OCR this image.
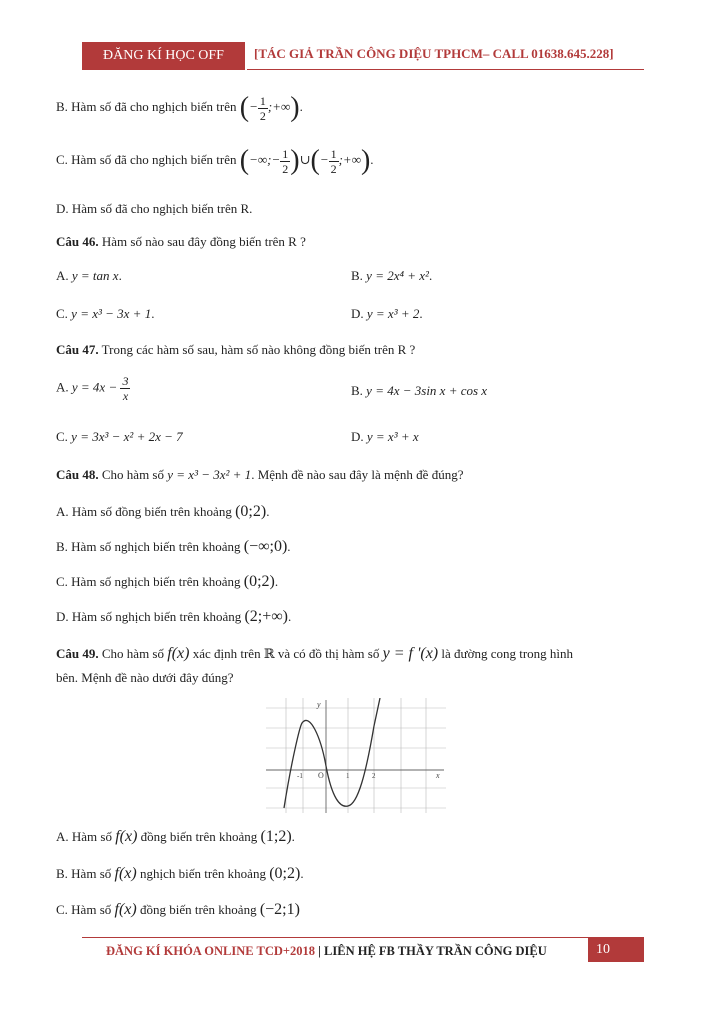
ĐĂNG KÍ HỌC OFF	[TÁC GIẢ TRẦN CÔNG DIỆU TPHCM– CALL 01638.645.228]
B. Hàm số đã cho nghịch biến trên (− $\frac{1}{2}$ ;+∞).
C. Hàm số đã cho nghịch biến trên (−∞;− $\frac{1}{2}$ )∪(− $\frac{1}{2}$ ;+∞).
D. Hàm số đã cho nghịch biến trên R.
Câu 46. Hàm số nào sau đây đồng biến trên R ?
A. y = tan x.	B. y = 2x⁴ + x².
C. y = x³ − 3x + 1.	D. y = x³ + 2.
Câu 47. Trong các hàm số sau, hàm số nào không đồng biến trên R ?
A. $y = 4x - \frac{3}{x}$	B. y = 4x − 3sin x + cos x
C. y = 3x³ − x² + 2x − 7	D. y = x³ + x
Câu 48. Cho hàm số y = x³ − 3x² + 1. Mệnh đề nào sau đây là mệnh đề đúng?
A. Hàm số đồng biến trên khoảng (0;2).
B. Hàm số nghịch biến trên khoảng (−∞;0).
C. Hàm số nghịch biến trên khoảng (0;2).
D. Hàm số nghịch biến trên khoảng (2;+∞).
Câu 49. Cho hàm số f(x) xác định trên ℝ và có đồ thị hàm số y = f '(x) là đường cong trong hình
bên. Mệnh đề nào dưới đây đúng?
y
x
O
-1	1	2
A. Hàm số f(x) đồng biến trên khoảng (1;2).
B. Hàm số f(x) nghịch biến trên khoảng (0;2).
C. Hàm số f(x) đồng biến trên khoảng (−2;1)
ĐĂNG KÍ KHÓA ONLINE TCD+2018 | LIÊN HỆ FB THẦY TRẦN CÔNG DIỆU	10
